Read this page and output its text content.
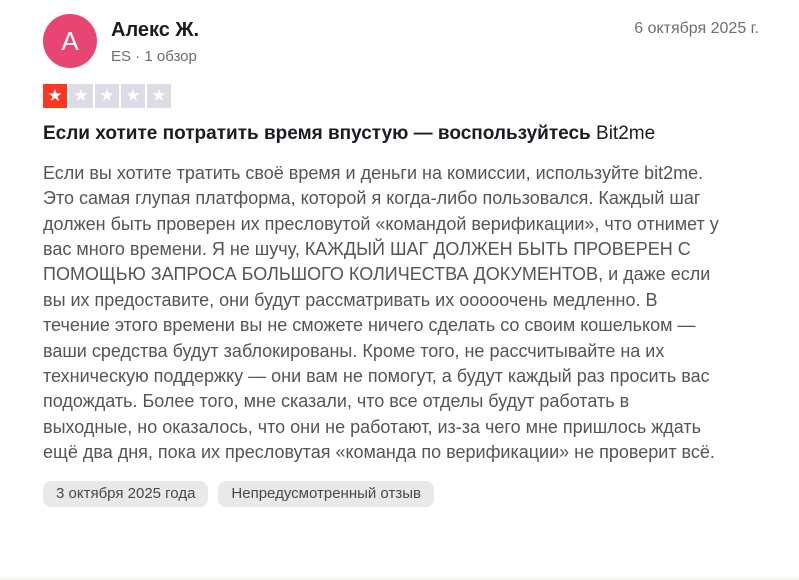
А Алекс Ж.
ES · 1 обзор
6 октября 2025 г.
★ ★ ★ ★ ★
Если хотите потратить время впустую — воспользуйтесь Bit2me

Если вы хотите тратить своё время и деньги на комиссии, используйте bit2me. Это самая глупая платформа, которой я когда-либо пользовался. Каждый шаг должен быть проверен их пресловутой «командой верификации», что отнимет у вас много времени. Я не шучу, КАЖДЫЙ ШАГ ДОЛЖЕН БЫТЬ ПРОВЕРЕН С ПОМОЩЬЮ ЗАПРОСА БОЛЬШОГО КОЛИЧЕСТВА ДОКУМЕНТОВ, и даже если вы их предоставите, они будут рассматривать их ооооочень медленно. В течение этого времени вы не сможете ничего сделать со своим кошельком — ваши средства будут заблокированы. Кроме того, не рассчитывайте на их техническую поддержку — они вам не помогут, а будут каждый раз просить вас подождать. Более того, мне сказали, что все отделы будут работать в выходные, но оказалось, что они не работают, из-за чего мне пришлось ждать ещё два дня, пока их пресловутая «команда по верификации» не проверит всё.

3 октября 2025 года	Непредусмотренный отзыв
